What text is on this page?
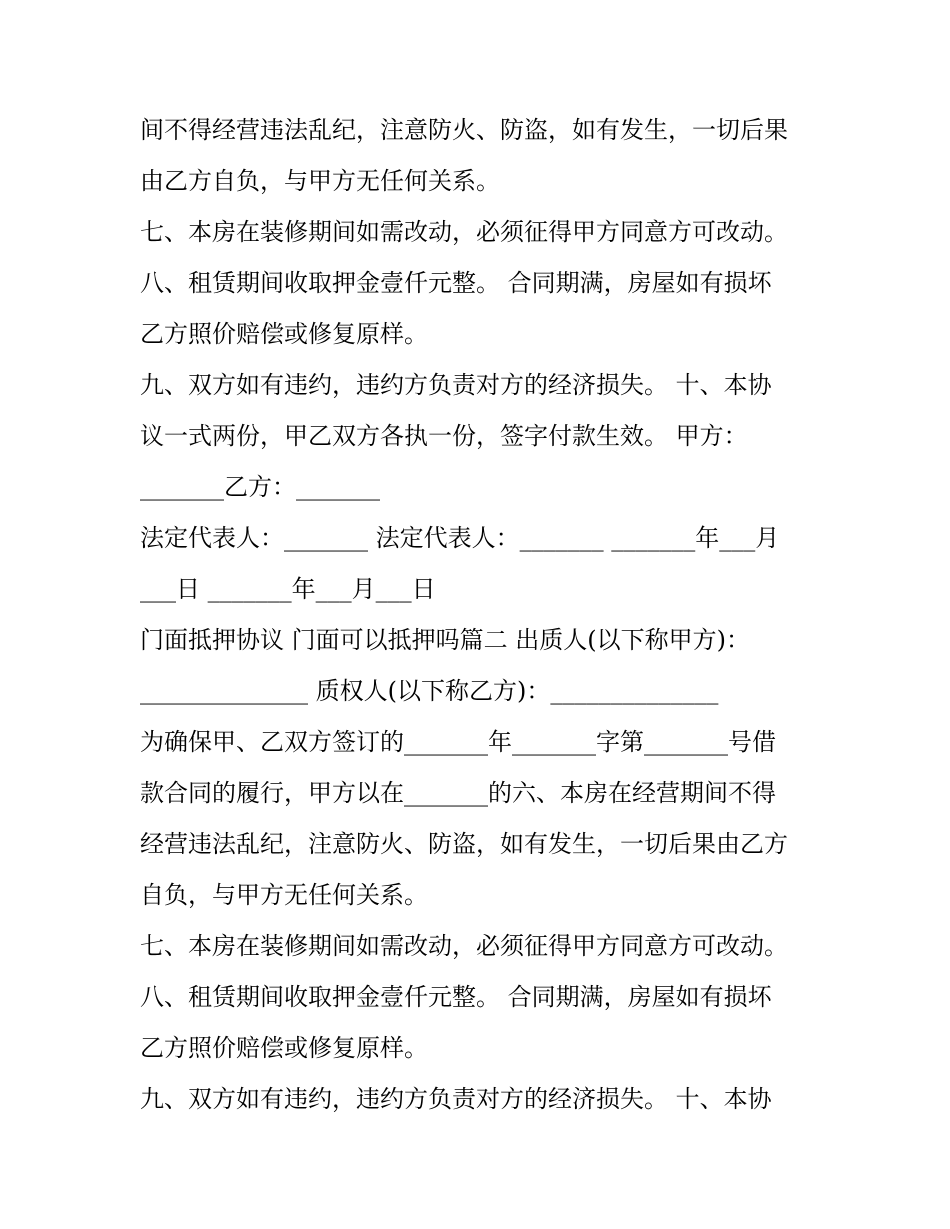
间不得经营违法乱纪，注意防火、防盗，如有发生，一切后果
由乙方自负，与甲方无任何关系。
七、本房在装修期间如需改动，必须征得甲方同意方可改动。
八、租赁期间收取押金壹仟元整。 合同期满，房屋如有损坏
乙方照价赔偿或修复原样。
九、双方如有违约，违约方负责对方的经济损失。 十、本协
议一式两份，甲乙双方各执一份，签字付款生效。 甲方：
_______乙方：_______
法定代表人：_______ 法定代表人：_______ _______年___月
___日 _______年___月___日
门面抵押协议 门面可以抵押吗篇二 出质人(以下称甲方)：
______________ 质权人(以下称乙方)：______________
为确保甲、乙双方签订的_______年_______字第_______号借
款合同的履行，甲方以在_______的六、本房在经营期间不得
经营违法乱纪，注意防火、防盗，如有发生，一切后果由乙方
自负，与甲方无任何关系。
七、本房在装修期间如需改动，必须征得甲方同意方可改动。
八、租赁期间收取押金壹仟元整。 合同期满，房屋如有损坏
乙方照价赔偿或修复原样。
九、双方如有违约，违约方负责对方的经济损失。 十、本协
